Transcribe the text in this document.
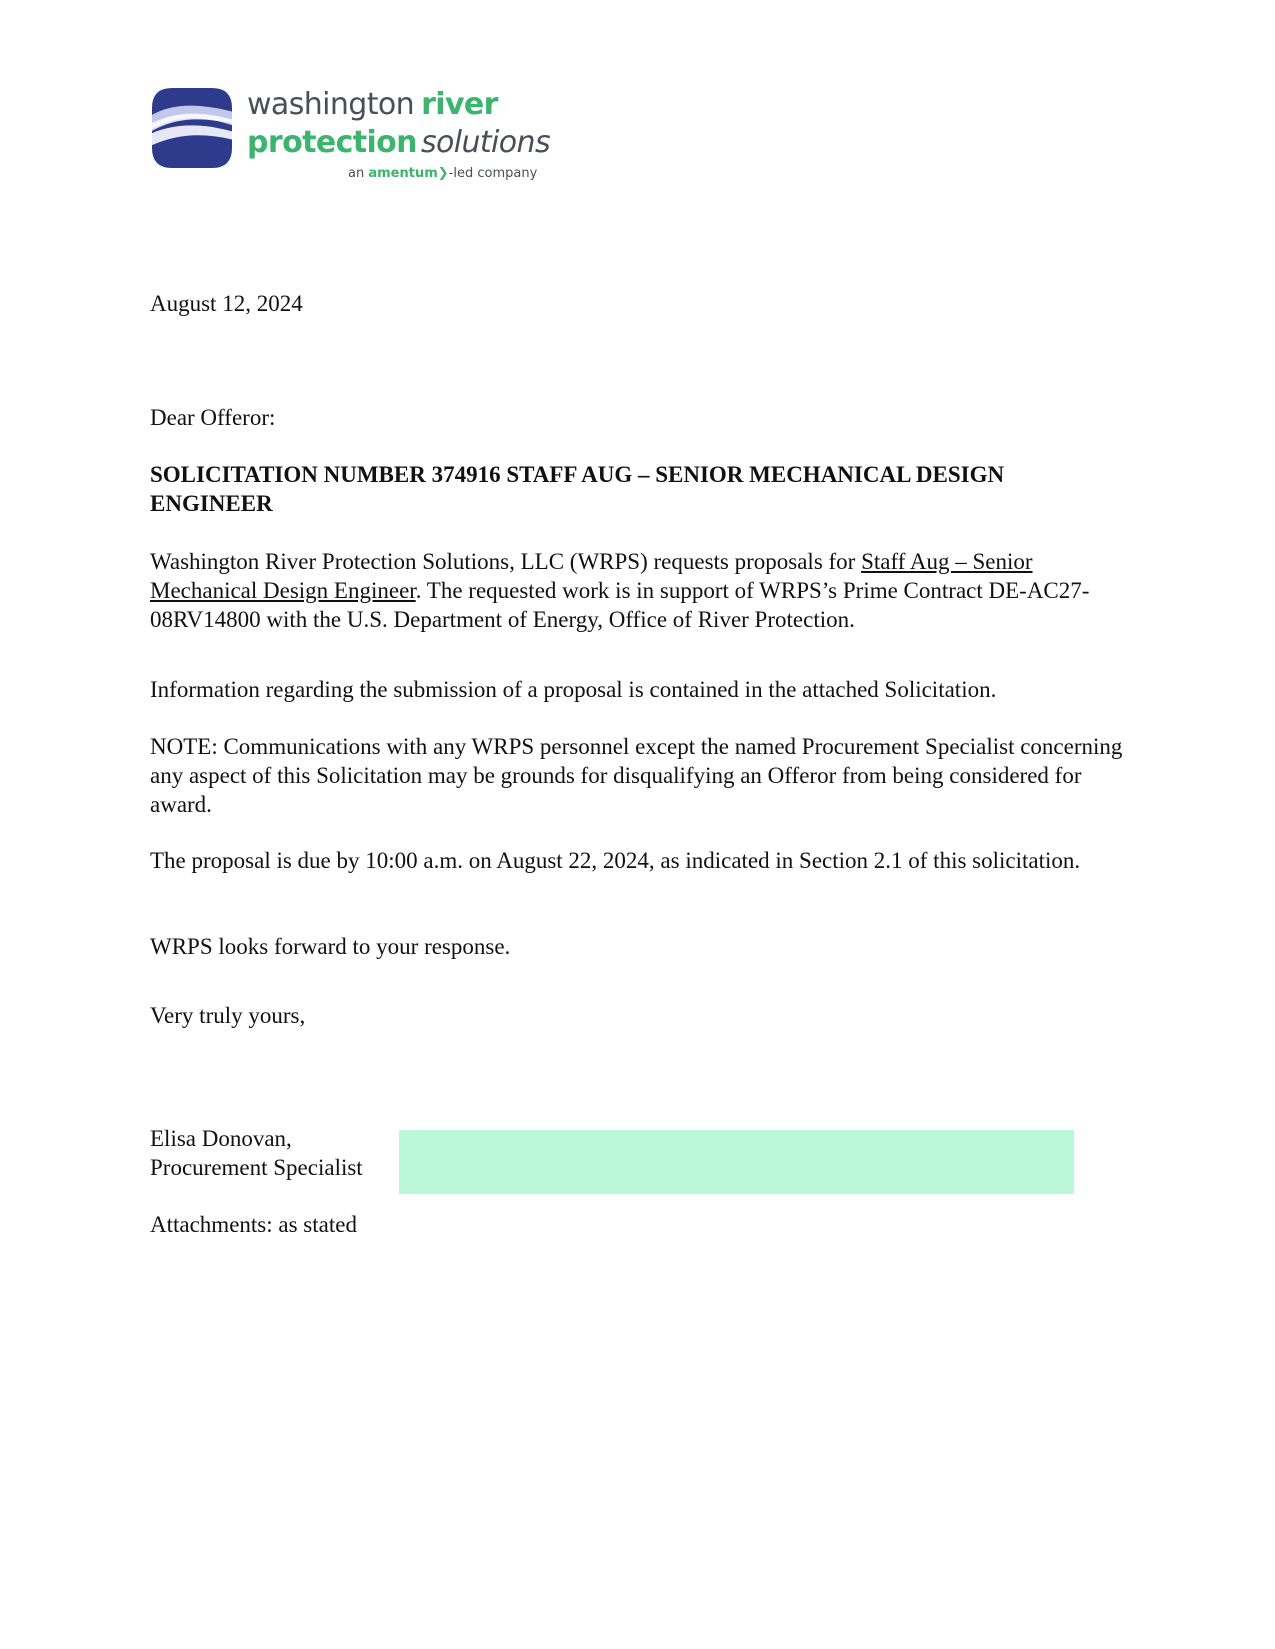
washington river
protection solutions
an amentum❯-led company

August 12, 2024

Dear Offeror:

SOLICITATION NUMBER 374916 STAFF AUG – SENIOR MECHANICAL DESIGN ENGINEER

Washington River Protection Solutions, LLC (WRPS) requests proposals for Staff Aug – Senior Mechanical Design Engineer. The requested work is in support of WRPS’s Prime Contract DE-AC27-08RV14800 with the U.S. Department of Energy, Office of River Protection.

Information regarding the submission of a proposal is contained in the attached Solicitation.

NOTE: Communications with any WRPS personnel except the named Procurement Specialist concerning any aspect of this Solicitation may be grounds for disqualifying an Offeror from being considered for award.

The proposal is due by 10:00 a.m. on August 22, 2024, as indicated in Section 2.1 of this solicitation.

WRPS looks forward to your response.

Very truly yours,

Elisa Donovan,

Procurement Specialist

Attachments: as stated
